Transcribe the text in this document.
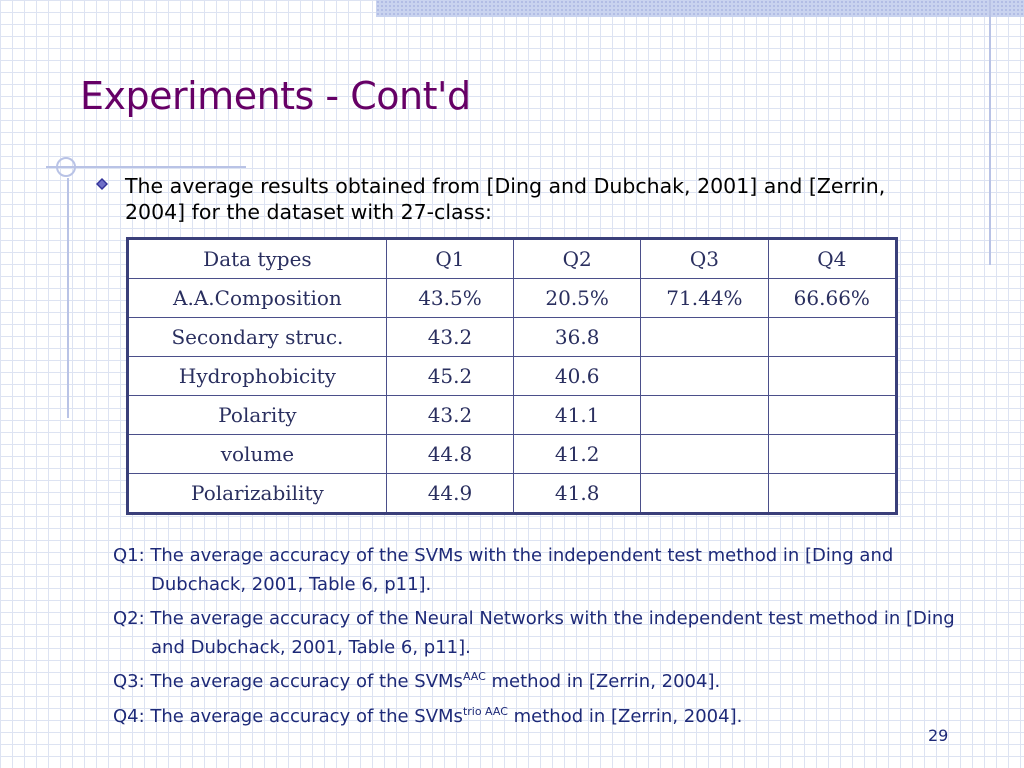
Experiments - Cont'd
The average results obtained from [Ding and Dubchak, 2001] and [Zerrin, 2004] for the dataset with 27-class:
Data types	Q1	Q2	Q3	Q4
A.A.Composition	43.5%	20.5%	71.44%	66.66%
Secondary struc.	43.2	36.8		
Hydrophobicity	45.2	40.6		
Polarity	43.2	41.1		
volume	44.8	41.2		
Polarizability	44.9	41.8		
Q1: The average accuracy of the SVMs with the independent test method in [Ding and Dubchack, 2001, Table 6, p11].
Q2: The average accuracy of the Neural Networks with the independent test method in [Ding and Dubchack, 2001, Table 6, p11].
Q3: The average accuracy of the SVMs$^{AAC}$ method in [Zerrin, 2004].
Q4: The average accuracy of the SVMs$^{trio AAC}$ method in [Zerrin, 2004].
29
